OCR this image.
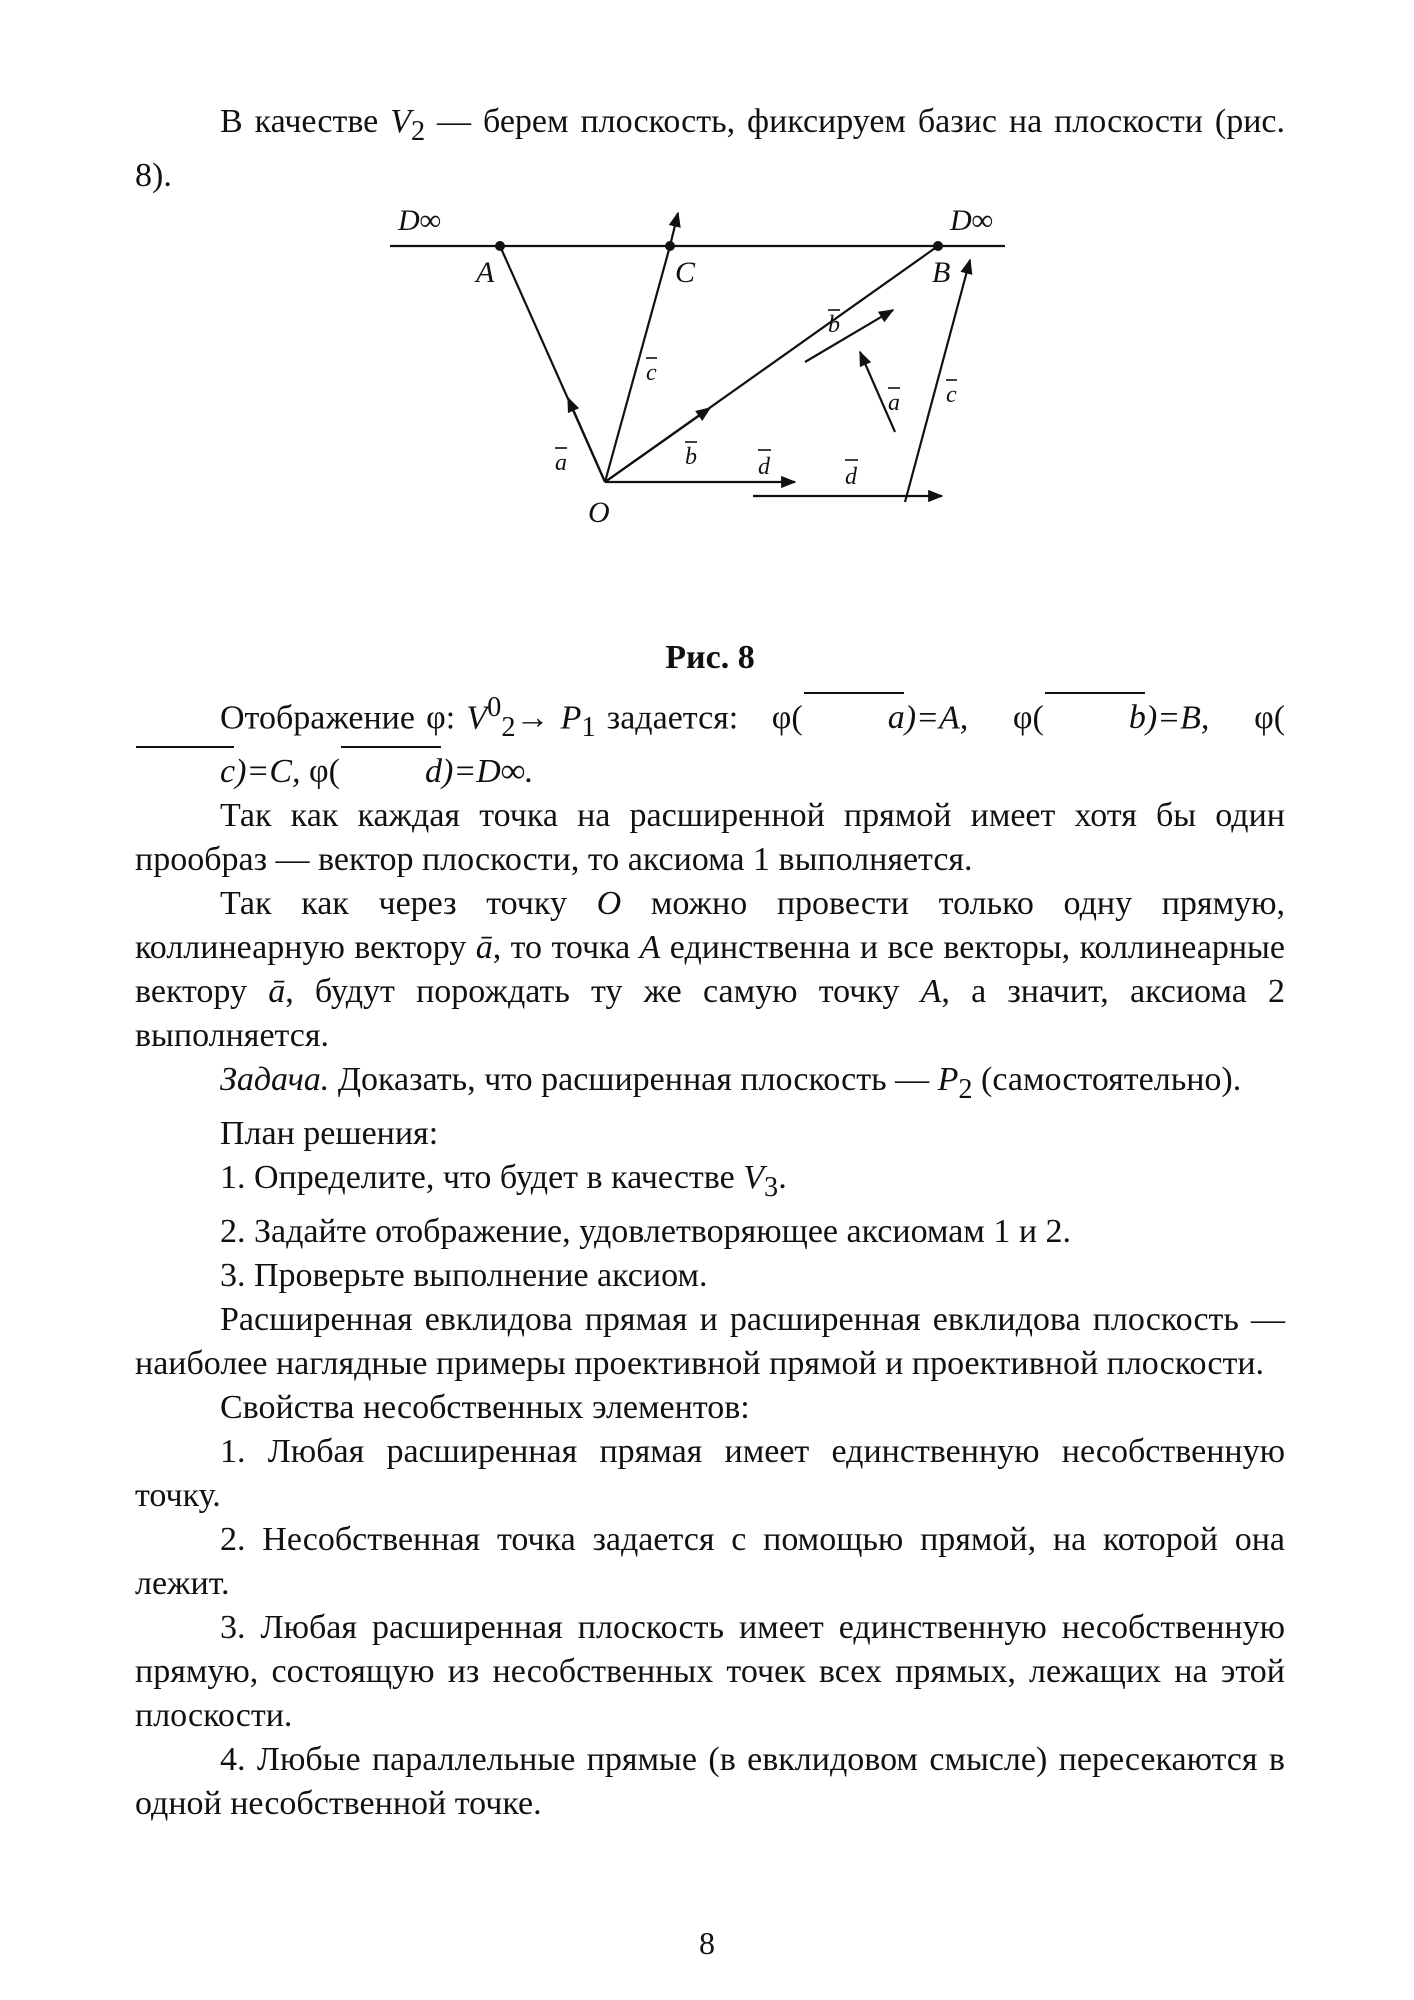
В качестве $V_2$ — берем плоскость, фиксируем базис на плоскости (рис. 8).

D∞	D∞
A	C	B
O
a
c
b	d
b
a c
d

Рис. 8

Отображение φ: $V^0_2\to P_1$ задается:   φ(	a)=A, φ(	b)=B, φ(c)=C, φ(	d)=D∞.

Так как каждая точка на расширенной прямой имеет хотя бы один прообраз — вектор плоскости, то аксиома 1 выполняется.

Так как через точку O можно провести только одну прямую, коллинеарную вектору ā, то точка A единственна и все векторы, коллинеарные вектору ā, будут порождать ту же самую точку A, а значит, аксиома 2 выполняется.

Задача. Доказать, что расширенная плоскость — $P_2$ (самостоятельно).

План решения:

1. Определите, что будет в качестве $V_3$.

2. Задайте отображение, удовлетворяющее аксиомам 1 и 2.

3. Проверьте выполнение аксиом.

Расширенная евклидова прямая и расширенная евклидова плоскость — наиболее наглядные примеры проективной прямой и проективной плоскости.

Свойства несобственных элементов:

1. Любая расширенная прямая имеет единственную несобственную точку.

2. Несобственная точка задается с помощью прямой, на которой она лежит.

3. Любая расширенная плоскость имеет единственную несобственную прямую, состоящую из несобственных точек всех прямых, лежащих на этой плоскости.

4. Любые параллельные прямые (в евклидовом смысле) пересекаются в одной несобственной точке.

8
